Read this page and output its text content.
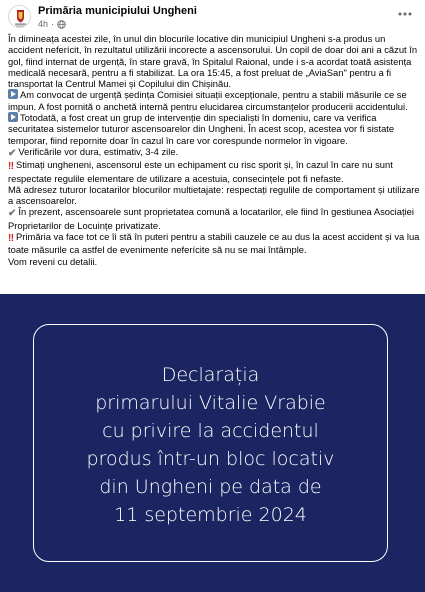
Primăria municipiului Ungheni
4h ·
În dimineața acestei zile, în unul din blocurile locative din municipiul Ungheni s-a produs un accident neferícit, în rezultatul utilizării incorecte a ascensorului. Un copil de doar doi ani a căzut în gol, fiind internat de urgență, în stare gravă, în Spitalul Raional, unde i s-a acordat toată asistența medicală necesară, pentru a fi stabilizat. La ora 15:45, a fost preluat de „AviaSan" pentru a fi transportat la Centrul Mamei și Copilului din Chișinău.
Am convocat de urgență ședința Comisiei situații excepționale, pentru a stabili măsurile ce se impun. A fost pornită o anchetă internă pentru elucidarea circumstanțelor producerii accidentului.
Totodată, a fost creat un grup de intervenție din specialiști în domeniu, care va verifica securitatea sistemelor tuturor ascensoarelor din Ungheni. În acest scop, acestea vor fi sistate temporar, fiind repornite doar în cazul în care vor corespunde normelor în vigoare.
✔ Verificările vor dura, estimativ, 3-4 zile.
‼ Stimați ungheneni, ascensorul este un echipament cu risc sporit și, în cazul în care nu sunt respectate regulile elementare de utilizare a acestuia, consecințele pot fi nefaste.
Mă adresez tuturor locatarilor blocurilor multietajate: respectați regulile de comportament și utilizare a ascensoarelor.
✔ În prezent, ascensoarele sunt proprietatea comună a locatarilor, ele fiind în gestiunea Asociației Proprietarilor de Locuințe privatizate.
‼ Primăria va face tot ce îi stă în puteri pentru a stabili cauzele ce au dus la acest accident și va lua toate măsurile ca astfel de evenimente neferícite să nu se mai întâmple.
Vom reveni cu detalii.
Declarația
primarului Vitalie Vrabie
cu privire la accidentul
produs într-un bloc locativ
din Ungheni pe data de
11 septembrie 2024
